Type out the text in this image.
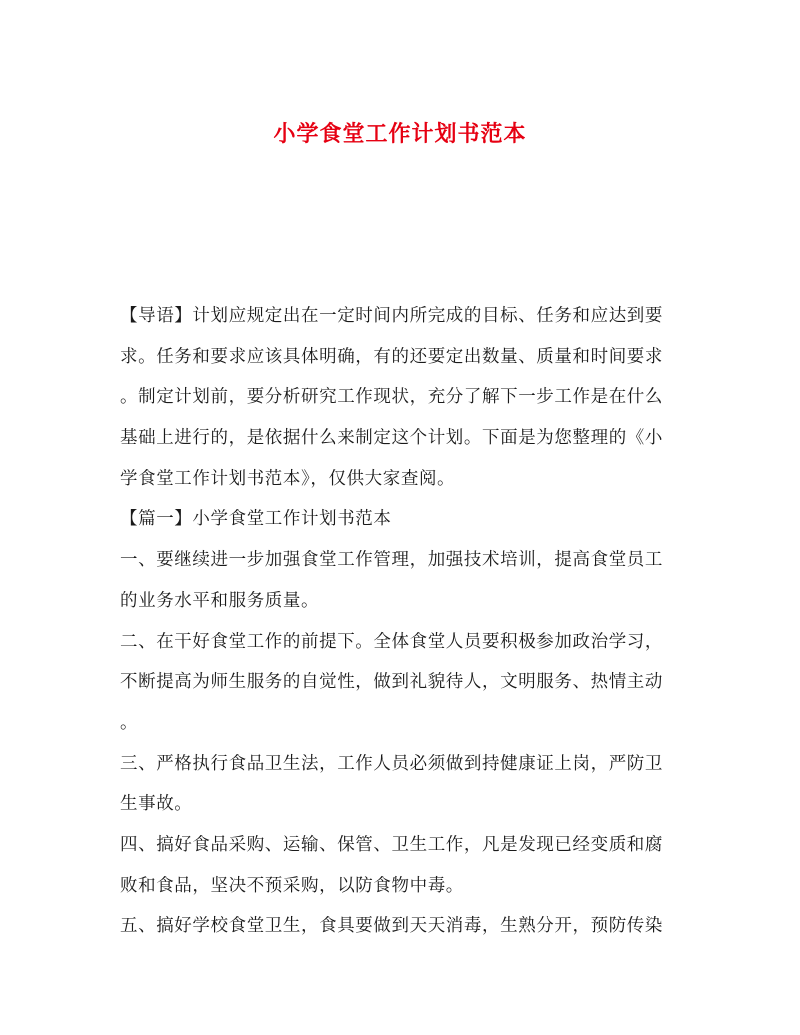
小学食堂工作计划书范本

【导语】计划应规定出在一定时间内所完成的目标、任务和应达到要

求。任务和要求应该具体明确，有的还要定出数量、质量和时间要求

。制定计划前，要分析研究工作现状，充分了解下一步工作是在什么

基础上进行的，是依据什么来制定这个计划。下面是为您整理的《小

学食堂工作计划书范本》，仅供大家查阅。

【篇一】小学食堂工作计划书范本

一、要继续进一步加强食堂工作管理，加强技术培训，提高食堂员工

的业务水平和服务质量。

二、在干好食堂工作的前提下。全体食堂人员要积极参加政治学习，

不断提高为师生服务的自觉性，做到礼貌待人，文明服务、热情主动

。

三、严格执行食品卫生法，工作人员必须做到持健康证上岗，严防卫

生事故。

四、搞好食品采购、运输、保管、卫生工作，凡是发现已经变质和腐

败和食品，坚决不预采购，以防食物中毒。

五、搞好学校食堂卫生，食具要做到天天消毒，生熟分开，预防传染
